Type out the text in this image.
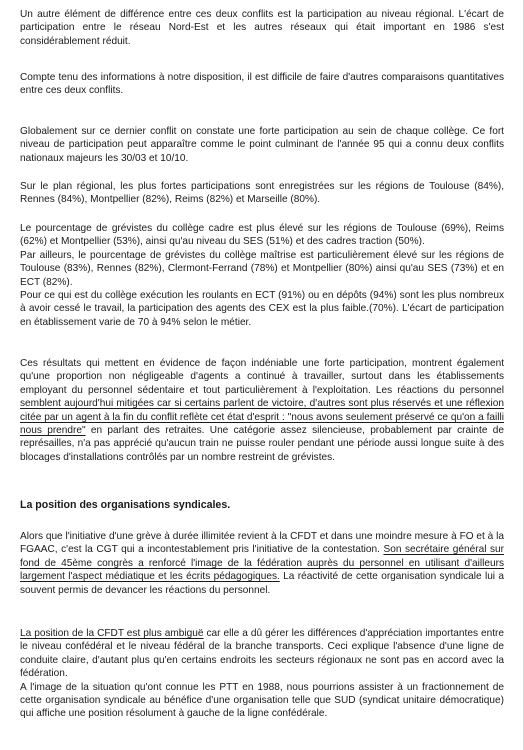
Un autre élément de différence entre ces deux conflits est la participation au niveau régional. L'écart de participation entre le réseau Nord-Est et les autres réseaux qui était important en 1986 s'est considérablement réduit.

Compte tenu des informations à notre disposition, il est difficile de faire d'autres comparaisons quantitatives entre ces deux conflits.

Globalement sur ce dernier conflit on constate une forte participation au sein de chaque collège. Ce fort niveau de participation peut apparaître comme le point culminant de l'année 95 qui a connu deux conflits nationaux majeurs les 30/03 et 10/10.

Sur le plan régional, les plus fortes participations sont enregistrées sur les régions de Toulouse (84%), Rennes (84%), Montpellier (82%), Reims (82%) et Marseille (80%).

Le pourcentage de grévistes du collège cadre est plus élevé sur les régions de Toulouse (69%), Reims (62%) et Montpellier (53%), ainsi qu'au niveau du SES (51%) et des cadres traction (50%).
Par ailleurs, le pourcentage de grévistes du collège maîtrise est particulièrement élevé sur les régions de Toulouse (83%), Rennes (82%), Clermont-Ferrand (78%) et Montpellier (80%) ainsi qu'au SES (73%) et en ECT (82%).
Pour ce qui est du collège exécution les roulants en ECT (91%) ou en dépôts (94%) sont les plus nombreux à avoir cessé le travail, la participation des agents des CEX est la plus faible.(70%). L'écart de participation en établissement varie de 70 à 94% selon le métier.

Ces résultats qui mettent en évidence de façon indéniable une forte participation, montrent également qu'une proportion non négligeable d'agents a continué à travailler, surtout dans les établissements employant du personnel sédentaire et tout particulièrement à l'exploitation. Les réactions du personnel semblent aujourd'hui mitigées car si certains parlent de victoire, d'autres sont plus réservés et une réflexion citée par un agent à la fin du conflit reflète cet état d'esprit : "nous avons seulement préservé ce qu'on a failli nous prendre" en parlant des retraites. Une catégorie assez silencieuse, probablement par crainte de représailles, n'a pas apprécié qu'aucun train ne puisse rouler pendant une période aussi longue suite à des blocages d'installations contrôlés par un nombre restreint de grévistes.

La position des organisations syndicales.

Alors que l'initiative d'une grève à durée illimitée revient à la CFDT et dans une moindre mesure à FO et à la FGAAC, c'est la CGT qui a incontestablement pris l'initiative de la contestation. Son secrétaire général sur fond de 45ème congrès a renforcé l'image de la fédération auprès du personnel en utilisant d'ailleurs largement l'aspect médiatique et les écrits pédagogiques. La réactivité de cette organisation syndicale lui a souvent permis de devancer les réactions du personnel.

La position de la CFDT est plus ambiguë car elle a dû gérer les différences d'appréciation importantes entre le niveau confédéral et le niveau fédéral de la branche transports. Ceci explique l'absence d'une ligne de conduite claire, d'autant plus qu'en certains endroits les secteurs régionaux ne sont pas en accord avec la fédération.
A l'image de la situation qu'ont connue les PTT en 1988, nous pourrions assister à un fractionnement de cette organisation syndicale au bénéfice d'une organisation telle que SUD (syndicat unitaire démocratique) qui affiche une position résolument à gauche de la ligne confédérale.
